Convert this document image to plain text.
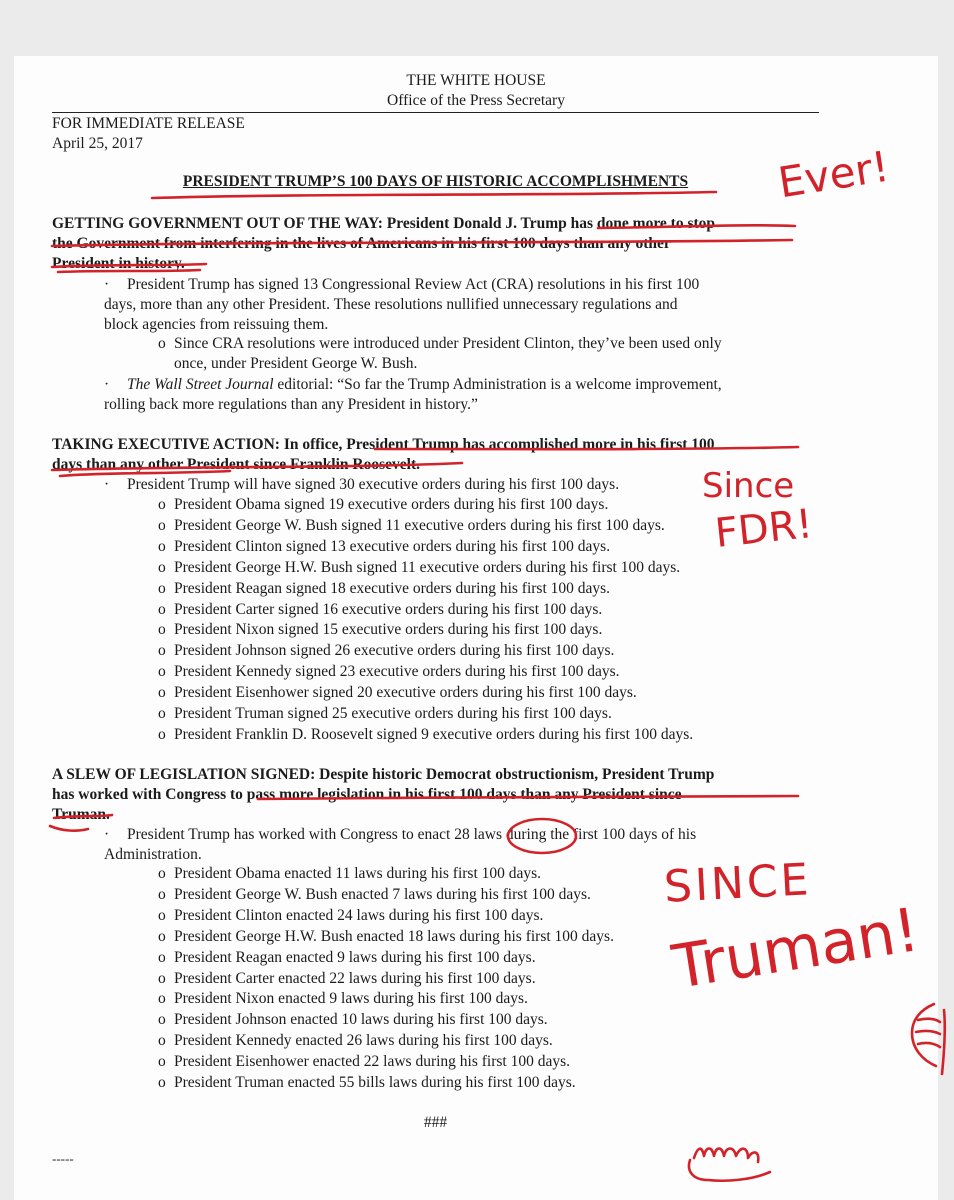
THE WHITE HOUSE
Office of the Press Secretary
FOR IMMEDIATE RELEASE
April 25, 2017
PRESIDENT TRUMP’S 100 DAYS OF HISTORIC ACCOMPLISHMENTS
GETTING GOVERNMENT OUT OF THE WAY: President Donald J. Trump has done more to stop
the Government from interfering in the lives of Americans in his first 100 days than any other
President in history.
· President Trump has signed 13 Congressional Review Act (CRA) resolutions in his first 100
days, more than any other President. These resolutions nullified unnecessary regulations and
block agencies from reissuing them.
o Since CRA resolutions were introduced under President Clinton, they’ve been used only
once, under President George W. Bush.
· The Wall Street Journal editorial: “So far the Trump Administration is a welcome improvement,
rolling back more regulations than any President in history.”
TAKING EXECUTIVE ACTION: In office, President Trump has accomplished more in his first 100
days than any other President since Franklin Roosevelt.
· President Trump will have signed 30 executive orders during his first 100 days.
o President Obama signed 19 executive orders during his first 100 days.
o President George W. Bush signed 11 executive orders during his first 100 days.
o President Clinton signed 13 executive orders during his first 100 days.
o President George H.W. Bush signed 11 executive orders during his first 100 days.
o President Reagan signed 18 executive orders during his first 100 days.
o President Carter signed 16 executive orders during his first 100 days.
o President Nixon signed 15 executive orders during his first 100 days.
o President Johnson signed 26 executive orders during his first 100 days.
o President Kennedy signed 23 executive orders during his first 100 days.
o President Eisenhower signed 20 executive orders during his first 100 days.
o President Truman signed 25 executive orders during his first 100 days.
o President Franklin D. Roosevelt signed 9 executive orders during his first 100 days.
A SLEW OF LEGISLATION SIGNED: Despite historic Democrat obstructionism, President Trump
has worked with Congress to pass more legislation in his first 100 days than any President since
Truman.
· President Trump has worked with Congress to enact 28 laws during the first 100 days of his
Administration.
o President Obama enacted 11 laws during his first 100 days.
o President George W. Bush enacted 7 laws during his first 100 days.
o President Clinton enacted 24 laws during his first 100 days.
o President George H.W. Bush enacted 18 laws during his first 100 days.
o President Reagan enacted 9 laws during his first 100 days.
o President Carter enacted 22 laws during his first 100 days.
o President Nixon enacted 9 laws during his first 100 days.
o President Johnson enacted 10 laws during his first 100 days.
o President Kennedy enacted 26 laws during his first 100 days.
o President Eisenhower enacted 22 laws during his first 100 days.
o President Truman enacted 55 bills laws during his first 100 days.
###
-----
Ever!
Since
FDR!
SINCE
Truman!
